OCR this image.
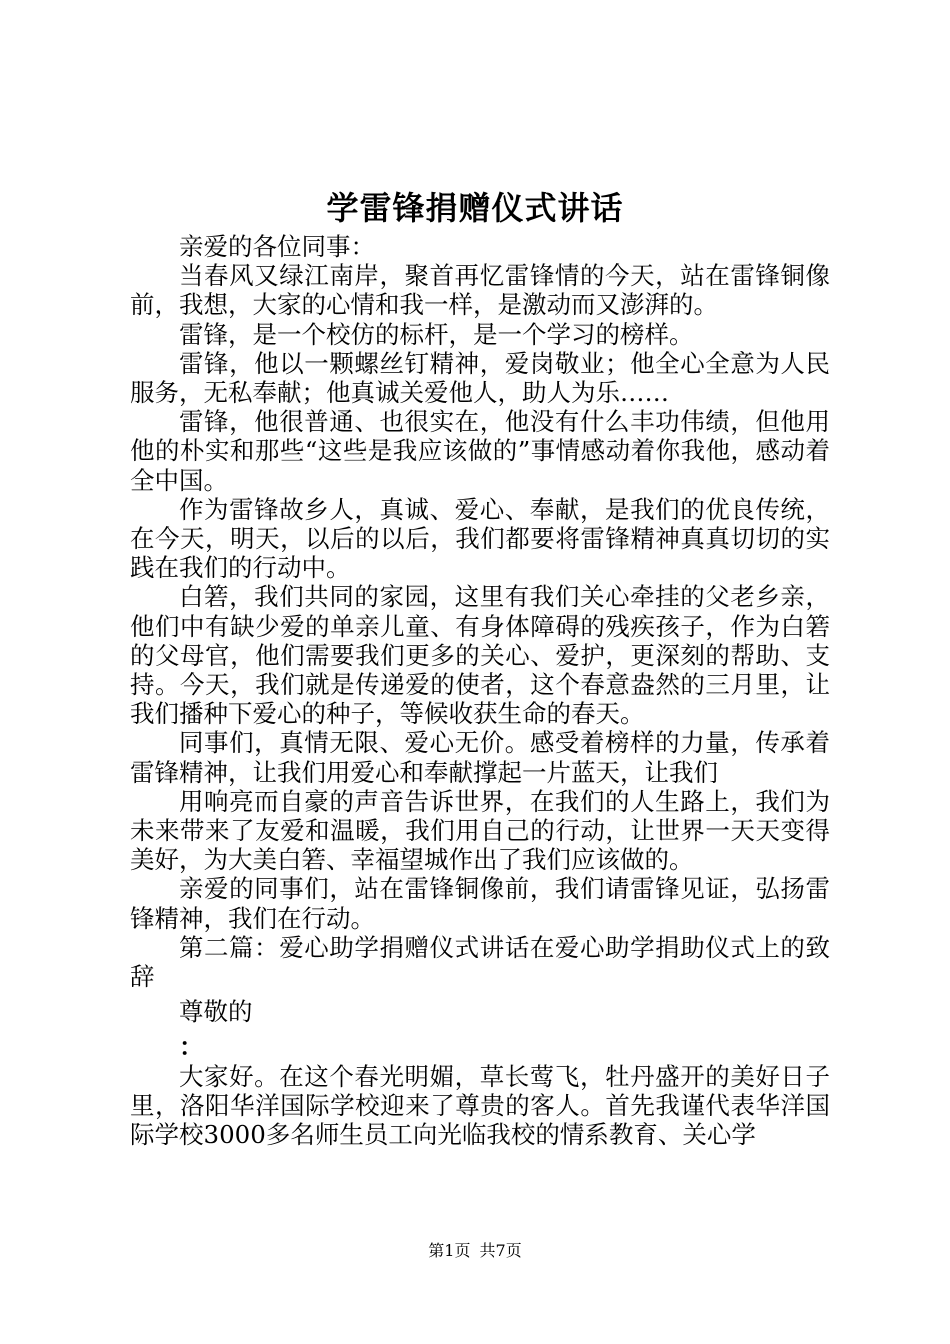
学雷锋捐赠仪式讲话

亲爱的各位同事：

当春风又绿江南岸，聚首再忆雷锋情的今天，站在雷锋铜像前，我想，大家的心情和我一样，是激动而又澎湃的。

雷锋，是一个校仿的标杆，是一个学习的榜样。

雷锋，他以一颗螺丝钉精神，爱岗敬业；他全心全意为人民服务，无私奉献；他真诚关爱他人，助人为乐……

雷锋，他很普通、也很实在，他没有什么丰功伟绩，但他用他的朴实和那些“这些是我应该做的”事情感动着你我他，感动着全中国。

作为雷锋故乡人，真诚、爱心、奉献，是我们的优良传统，在今天，明天，以后的以后，我们都要将雷锋精神真真切切的实践在我们的行动中。

白箬，我们共同的家园，这里有我们关心牵挂的父老乡亲，他们中有缺少爱的单亲儿童、有身体障碍的残疾孩子，作为白箬的父母官，他们需要我们更多的关心、爱护，更深刻的帮助、支持。今天，我们就是传递爱的使者，这个春意盎然的三月里，让我们播种下爱心的种子，等候收获生命的春天。

同事们，真情无限、爱心无价。感受着榜样的力量，传承着雷锋精神，让我们用爱心和奉献撑起一片蓝天，让我们

用响亮而自豪的声音告诉世界，在我们的人生路上，我们为未来带来了友爱和温暖，我们用自己的行动，让世界一天天变得美好，为大美白箬、幸福望城作出了我们应该做的。

亲爱的同事们，站在雷锋铜像前，我们请雷锋见证，弘扬雷锋精神，我们在行动。

第二篇：爱心助学捐赠仪式讲话在爱心助学捐助仪式上的致辞

尊敬的

：

大家好。在这个春光明媚，草长莺飞，牡丹盛开的美好日子里，洛阳华洋国际学校迎来了尊贵的客人。首先我谨代表华洋国际学校3000多名师生员工向光临我校的情系教育、关心学

第1页 共7页
